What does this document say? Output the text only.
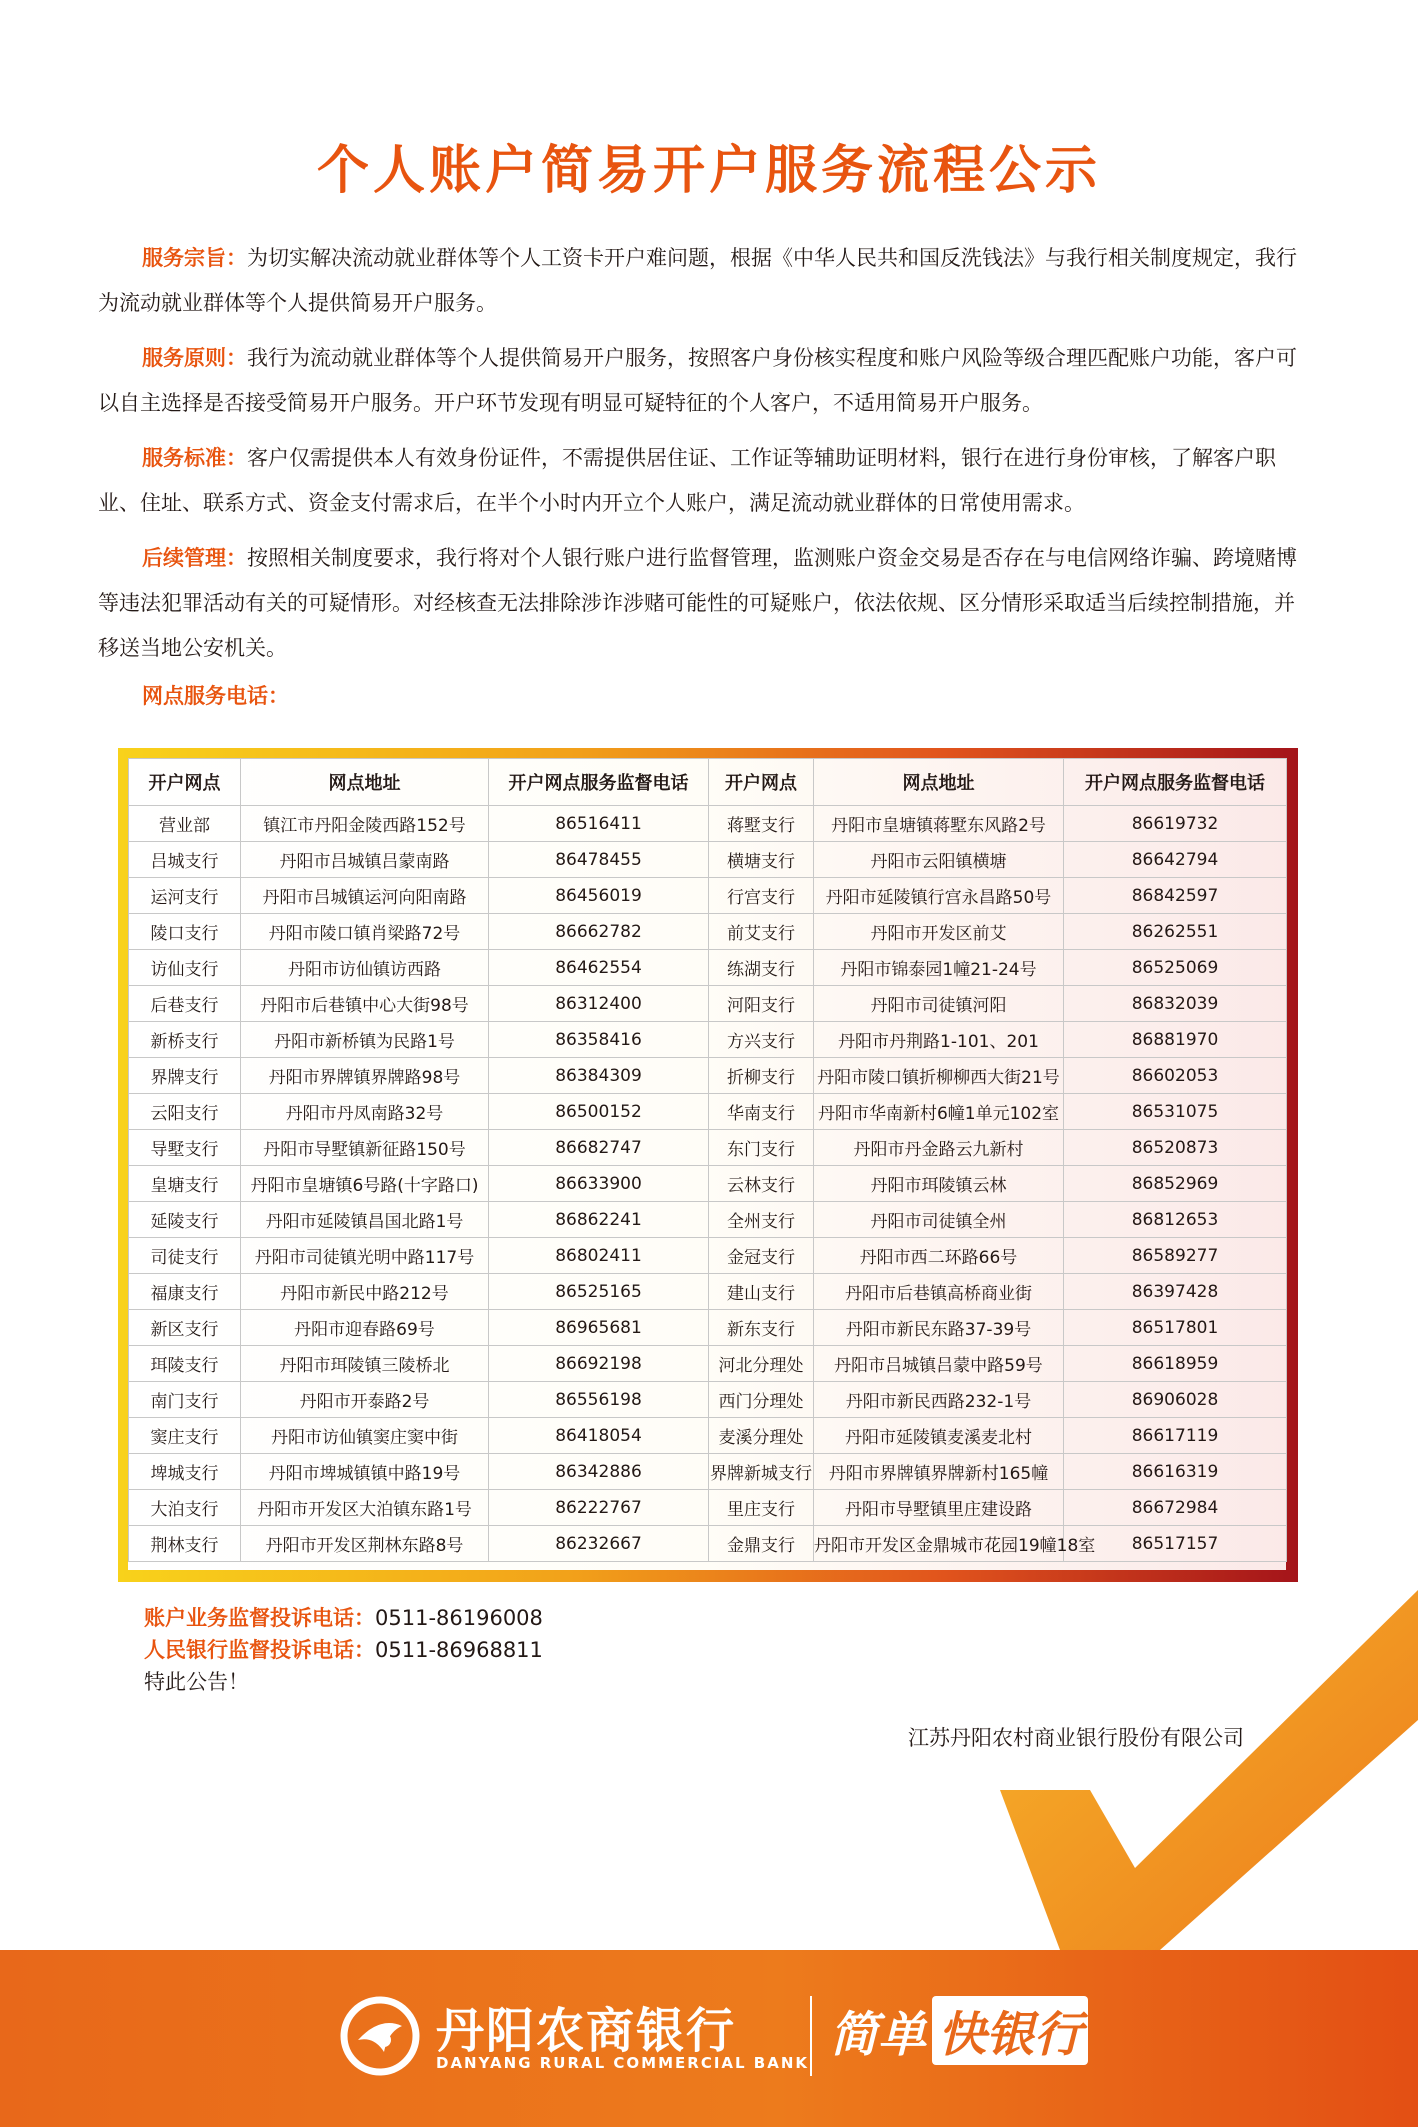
个人账户简易开户服务流程公示
服务宗旨：为切实解决流动就业群体等个人工资卡开户难问题，根据《中华人民共和国反洗钱法》与我行相关制度规定，我行为流动就业群体等个人提供简易开户服务。
服务原则：我行为流动就业群体等个人提供简易开户服务，按照客户身份核实程度和账户风险等级合理匹配账户功能，客户可以自主选择是否接受简易开户服务。开户环节发现有明显可疑特征的个人客户，不适用简易开户服务。
服务标准：客户仅需提供本人有效身份证件，不需提供居住证、工作证等辅助证明材料，银行在进行身份审核，了解客户职业、住址、联系方式、资金支付需求后，在半个小时内开立个人账户，满足流动就业群体的日常使用需求。
后续管理：按照相关制度要求，我行将对个人银行账户进行监督管理，监测账户资金交易是否存在与电信网络诈骗、跨境赌博等违法犯罪活动有关的可疑情形。对经核查无法排除涉诈涉赌可能性的可疑账户，依法依规、区分情形采取适当后续控制措施，并移送当地公安机关。
网点服务电话：
开户网点	网点地址	开户网点服务监督电话	开户网点	网点地址	开户网点服务监督电话
营业部	镇江市丹阳金陵西路152号	86516411	蒋墅支行	丹阳市皇塘镇蒋墅东风路2号	86619732
吕城支行	丹阳市吕城镇吕蒙南路	86478455	横塘支行	丹阳市云阳镇横塘	86642794
运河支行	丹阳市吕城镇运河向阳南路	86456019	行宫支行	丹阳市延陵镇行宫永昌路50号	86842597
陵口支行	丹阳市陵口镇肖梁路72号	86662782	前艾支行	丹阳市开发区前艾	86262551
访仙支行	丹阳市访仙镇访西路	86462554	练湖支行	丹阳市锦泰园1幢21-24号	86525069
后巷支行	丹阳市后巷镇中心大街98号	86312400	河阳支行	丹阳市司徒镇河阳	86832039
新桥支行	丹阳市新桥镇为民路1号	86358416	方兴支行	丹阳市丹荆路1-101、201	86881970
界牌支行	丹阳市界牌镇界牌路98号	86384309	折柳支行	丹阳市陵口镇折柳柳西大街21号	86602053
云阳支行	丹阳市丹凤南路32号	86500152	华南支行	丹阳市华南新村6幢1单元102室	86531075
导墅支行	丹阳市导墅镇新征路150号	86682747	东门支行	丹阳市丹金路云九新村	86520873
皇塘支行	丹阳市皇塘镇6号路(十字路口)	86633900	云林支行	丹阳市珥陵镇云林	86852969
延陵支行	丹阳市延陵镇昌国北路1号	86862241	全州支行	丹阳市司徒镇全州	86812653
司徒支行	丹阳市司徒镇光明中路117号	86802411	金冠支行	丹阳市西二环路66号	86589277
福康支行	丹阳市新民中路212号	86525165	建山支行	丹阳市后巷镇高桥商业街	86397428
新区支行	丹阳市迎春路69号	86965681	新东支行	丹阳市新民东路37-39号	86517801
珥陵支行	丹阳市珥陵镇三陵桥北	86692198	河北分理处	丹阳市吕城镇吕蒙中路59号	86618959
南门支行	丹阳市开泰路2号	86556198	西门分理处	丹阳市新民西路232-1号	86906028
窦庄支行	丹阳市访仙镇窦庄窦中街	86418054	麦溪分理处	丹阳市延陵镇麦溪麦北村	86617119
埤城支行	丹阳市埤城镇镇中路19号	86342886	界牌新城支行	丹阳市界牌镇界牌新村165幢	86616319
大泊支行	丹阳市开发区大泊镇东路1号	86222767	里庄支行	丹阳市导墅镇里庄建设路	86672984
荆林支行	丹阳市开发区荆林东路8号	86232667	金鼎支行	丹阳市开发区金鼎城市花园19幢18室	86517157
账户业务监督投诉电话：0511-86196008
人民银行监督投诉电话：0511-86968811
特此公告！
江苏丹阳农村商业银行股份有限公司
丹阳农商银行
DANYANG RURAL COMMERCIAL BANK 简单 快银行
